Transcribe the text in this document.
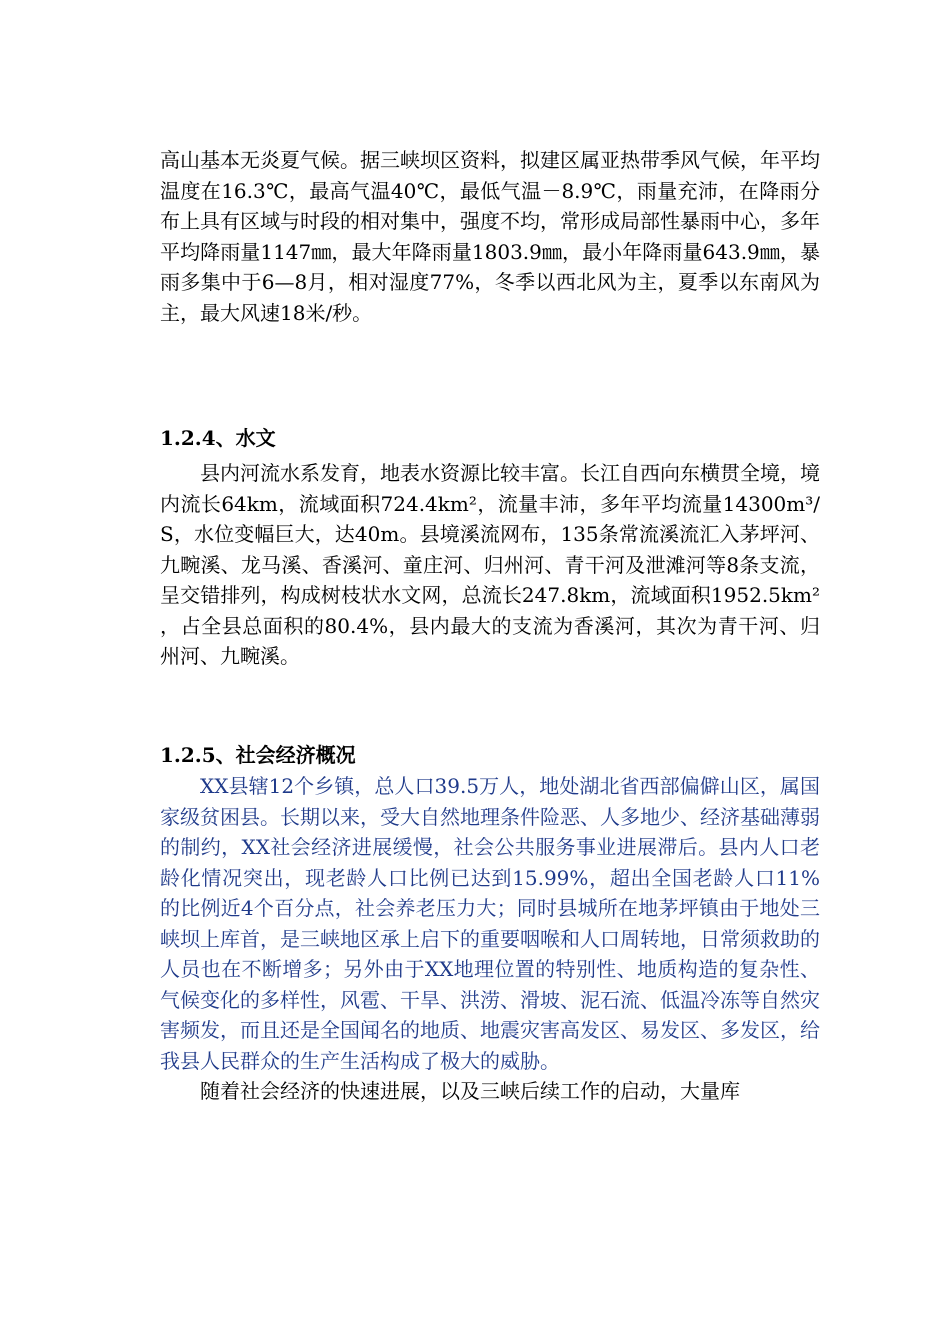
高山基本无炎夏气候。据三峡坝区资料，拟建区属亚热带季风气候，年平均温度在16.3℃，最高气温40℃，最低气温－8.9℃，雨量充沛，在降雨分布上具有区域与时段的相对集中，强度不均，常形成局部性暴雨中心，多年平均降雨量1147㎜，最大年降雨量1803.9㎜，最小年降雨量643.9㎜，暴雨多集中于6—8月，相对湿度77%，冬季以西北风为主，夏季以东南风为主，最大风速18米/秒。

1.2.4、水文

县内河流水系发育，地表水资源比较丰富。长江自西向东横贯全境，境内流长64km，流域面积724.4km²，流量丰沛，多年平均流量14300m³/S，水位变幅巨大，达40m。县境溪流网布，135条常流溪流汇入茅坪河、九畹溪、龙马溪、香溪河、童庄河、归州河、青干河及泄滩河等8条支流，呈交错排列，构成树枝状水文网，总流长247.8km，流域面积1952.5km²，占全县总面积的80.4%，县内最大的支流为香溪河，其次为青干河、归州河、九畹溪。

1.2.5、社会经济概况

XX县辖12个乡镇，总人口39.5万人，地处湖北省西部偏僻山区，属国家级贫困县。长期以来，受大自然地理条件险恶、人多地少、经济基础薄弱的制约，XX社会经济进展缓慢，社会公共服务事业进展滞后。县内人口老龄化情况突出，现老龄人口比例已达到15.99%，超出全国老龄人口11%的比例近4个百分点，社会养老压力大；同时县城所在地茅坪镇由于地处三峡坝上库首，是三峡地区承上启下的重要咽喉和人口周转地，日常须救助的人员也在不断增多；另外由于XX地理位置的特别性、地质构造的复杂性、气候变化的多样性，风雹、干旱、洪涝、滑坡、泥石流、低温冷冻等自然灾害频发，而且还是全国闻名的地质、地震灾害高发区、易发区、多发区，给我县人民群众的生产生活构成了极大的威胁。

随着社会经济的快速进展，以及三峡后续工作的启动，大量库
